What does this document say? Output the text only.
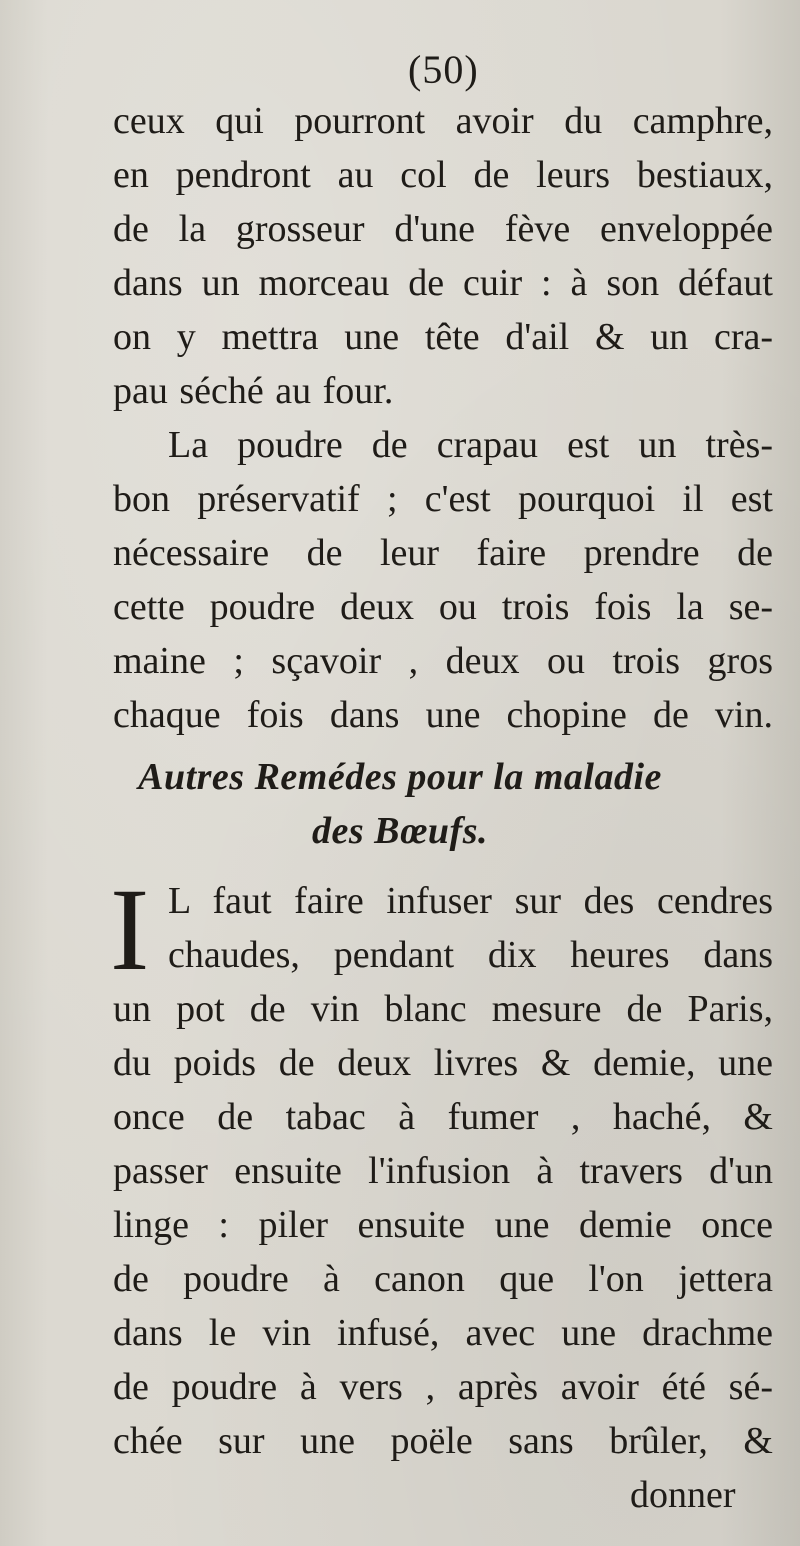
(50)
ceux qui pourront avoir du camphre,
en pendront au col de leurs bestiaux,
de la grosseur d'une fève enveloppée
dans un morceau de cuir : à son défaut
on y mettra une tête d'ail & un cra-
pau séché au four.
La poudre de crapau est un très-
bon préservatif ; c'est pourquoi il est
nécessaire de leur faire prendre de
cette poudre deux ou trois fois la se-
maine ; sçavoir , deux ou trois gros
chaque fois dans une chopine de vin.
Autres Remédes pour la maladie
des Bœufs.
I L faut faire infuser sur des cendres
chaudes, pendant dix heures dans
un pot de vin blanc mesure de Paris,
du poids de deux livres & demie, une
once de tabac à fumer , haché, &
passer ensuite l'infusion à travers d'un
linge : piler ensuite une demie once
de poudre à canon que l'on jettera
dans le vin infusé, avec une drachme
de poudre à vers , après avoir été sé-
chée sur une poële sans brûler, &
donner
